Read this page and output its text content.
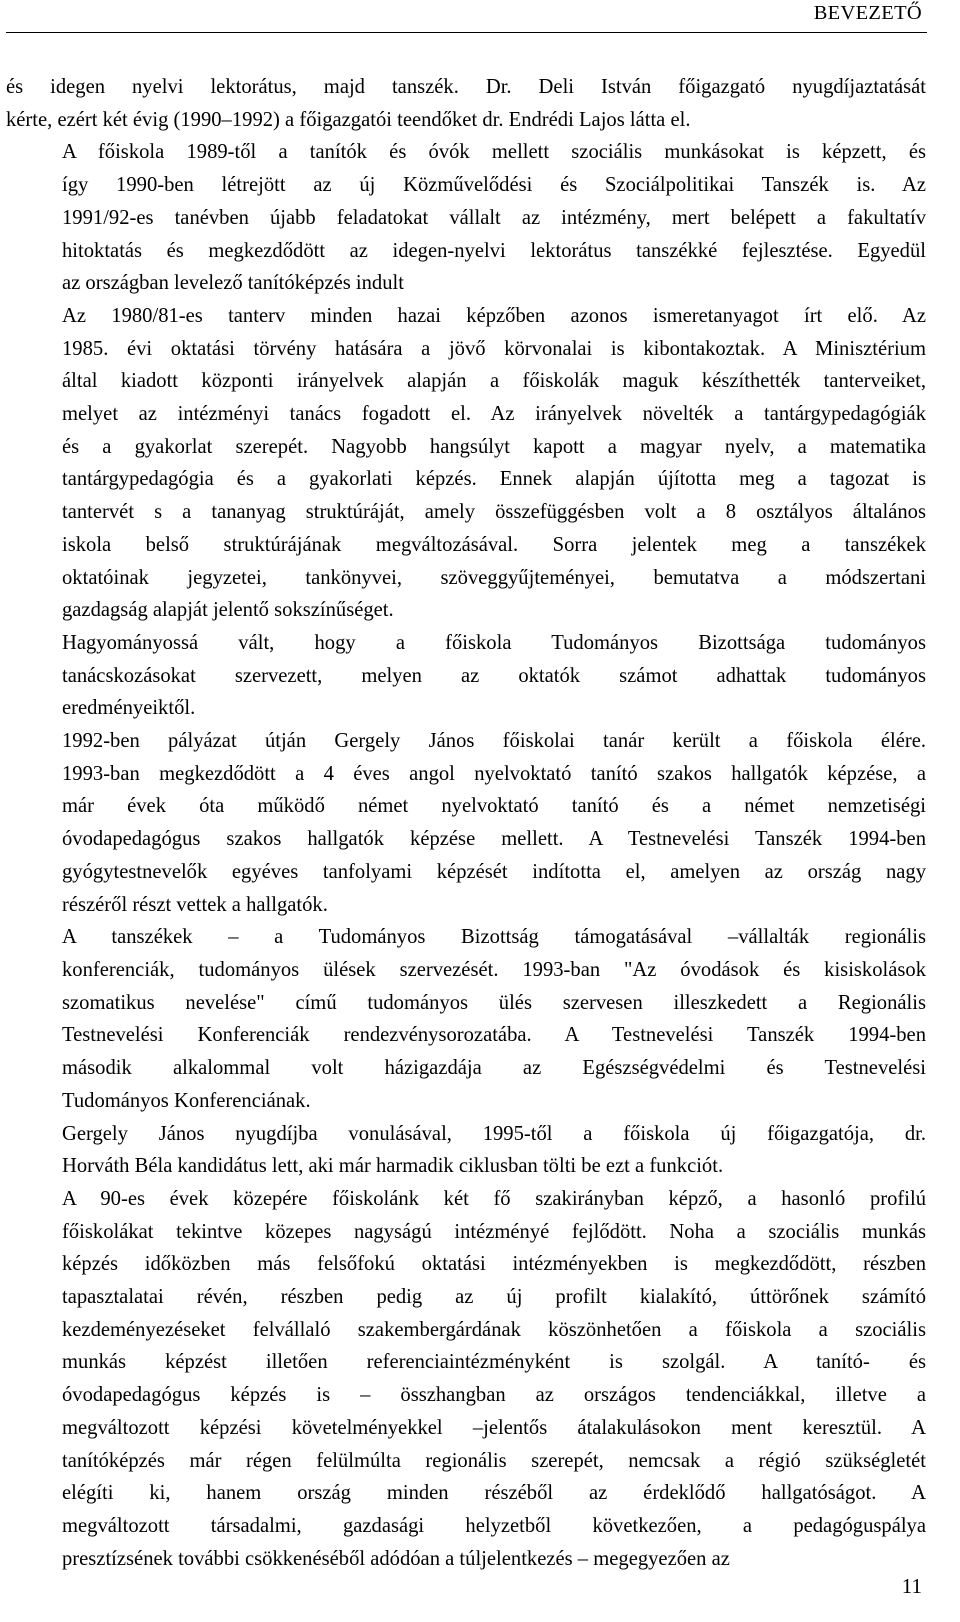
BEVEZETŐ
és idegen nyelvi lektorátus, majd tanszék. Dr. Deli István főigazgató nyugdíjaztatását
kérte, ezért két évig (1990–1992) a főigazgatói teendőket dr. Endrédi Lajos látta el.
A főiskola 1989-től a tanítók és óvók mellett szociális munkásokat is képzett, és
így 1990-ben létrejött az új Közművelődési és Szociálpolitikai Tanszék is. Az
1991/92-es tanévben újabb feladatokat vállalt az intézmény, mert belépett a fakultatív
hitoktatás és megkezdődött az idegen-nyelvi lektorátus tanszékké fejlesztése. Egyedül
az országban levelező tanítóképzés indult
Az 1980/81-es tanterv minden hazai képzőben azonos ismeretanyagot írt elő. Az
1985. évi oktatási törvény hatására a jövő körvonalai is kibontakoztak. A Minisztérium
által kiadott központi irányelvek alapján a főiskolák maguk készíthették tanterveiket,
melyet az intézményi tanács fogadott el. Az irányelvek növelték a tantárgypedagógiák
és a gyakorlat szerepét. Nagyobb hangsúlyt kapott a magyar nyelv, a matematika
tantárgypedagógia és a gyakorlati képzés. Ennek alapján újította meg a tagozat is
tantervét s a tananyag struktúráját, amely összefüggésben volt a 8 osztályos általános
iskola belső struktúrájának megváltozásával. Sorra jelentek meg a tanszékek
oktatóinak jegyzetei, tankönyvei, szöveggyűjteményei, bemutatva a módszertani
gazdagság alapját jelentő sokszínűséget.
Hagyományossá vált, hogy a főiskola Tudományos Bizottsága tudományos
tanácskozásokat szervezett, melyen az oktatók számot adhattak tudományos
eredményeiktől.
1992-ben pályázat útján Gergely János főiskolai tanár került a főiskola élére.
1993-ban megkezdődött a 4 éves angol nyelvoktató tanító szakos hallgatók képzése, a
már évek óta működő német nyelvoktató tanító és a német nemzetiségi
óvodapedagógus szakos hallgatók képzése mellett. A Testnevelési Tanszék 1994-ben
gyógytestnevelők egyéves tanfolyami képzését indította el, amelyen az ország nagy
részéről részt vettek a hallgatók.
A tanszékek – a Tudományos Bizottság támogatásával –vállalták regionális
konferenciák, tudományos ülések szervezését. 1993-ban "Az óvodások és kisiskolások
szomatikus nevelése" című tudományos ülés szervesen illeszkedett a Regionális
Testnevelési Konferenciák rendezvénysorozatába. A Testnevelési Tanszék 1994-ben
második alkalommal volt házigazdája az Egészségvédelmi és Testnevelési
Tudományos Konferenciának.
Gergely János nyugdíjba vonulásával, 1995-től a főiskola új főigazgatója, dr.
Horváth Béla kandidátus lett, aki már harmadik ciklusban tölti be ezt a funkciót.
A 90-es évek közepére főiskolánk két fő szakirányban képző, a hasonló profilú
főiskolákat tekintve közepes nagyságú intézményé fejlődött. Noha a szociális munkás
képzés időközben más felsőfokú oktatási intézményekben is megkezdődött, részben
tapasztalatai révén, részben pedig az új profilt kialakító, úttörőnek számító
kezdeményezéseket felvállaló szakembergárdának köszönhetően a főiskola a szociális
munkás képzést illetően referenciaintézményként is szolgál. A tanító- és
óvodapedagógus képzés is – összhangban az országos tendenciákkal, illetve a
megváltozott képzési követelményekkel –jelentős átalakulásokon ment keresztül. A
tanítóképzés már régen felülmúlta regionális szerepét, nemcsak a régió szükségletét
elégíti ki, hanem ország minden részéből az érdeklődő hallgatóságot. A
megváltozott társadalmi, gazdasági helyzetből következően, a pedagóguspálya
presztízsének további csökkenéséből adódóan a túljelentkezés – megegyezően az
11
